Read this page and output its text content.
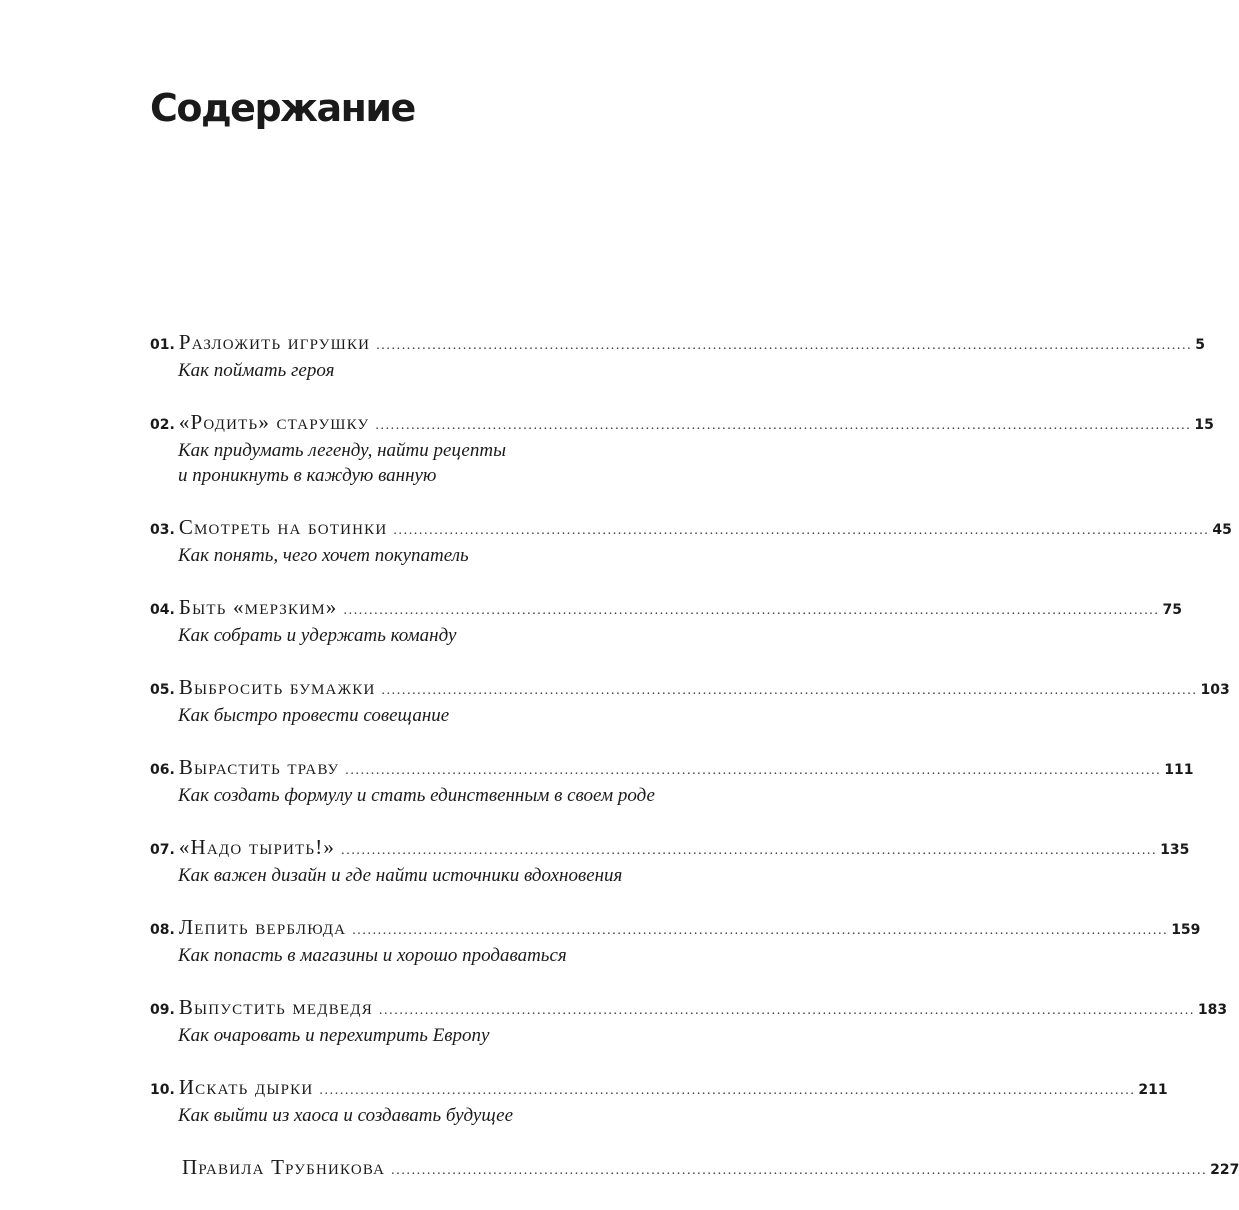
Содержание
01. Разложить игрушки ................................................................................................................................................................ 5
Как поймать героя
02. «Родить» старушку ................................................................................................................................................................ 15
Как придумать легенду, найти рецепты
и проникнуть в каждую ванную
03. Смотреть на ботинки ................................................................................................................................................................ 45
Как понять, чего хочет покупатель
04. Быть «мерзким» ................................................................................................................................................................ 75
Как собрать и удержать команду
05. Выбросить бумажки ................................................................................................................................................................ 103
Как быстро провести совещание
06. Вырастить траву ................................................................................................................................................................ 111
Как создать формулу и стать единственным в своем роде
07. «Надо тырить!» ................................................................................................................................................................ 135
Как важен дизайн и где найти источники вдохновения
08. Лепить верблюда ................................................................................................................................................................ 159
Как попасть в магазины и хорошо продаваться
09. Выпустить медведя ................................................................................................................................................................ 183
Как очаровать и перехитрить Европу
10. Искать дырки ................................................................................................................................................................ 211
Как выйти из хаоса и создавать будущее
Правила Трубникова ................................................................................................................................................................ 227
